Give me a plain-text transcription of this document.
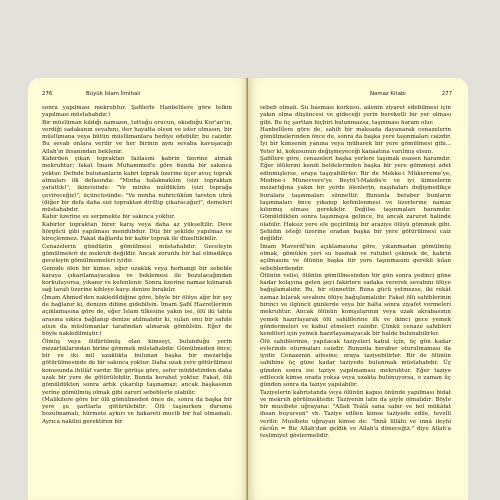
276	Büyük İslam İlmihali

sonra yapılması mekruhtur. Şafilerle Hanbelilere göre telkin yapılması müstahabdır.)

Bir müslüman kıldığı namazın, tuttuğu orucun, okuduğu Kur'an'ın, verdiği sadakanın sevabını, iter hayatta olsun ve ister olmasın, bir müslümana veya bütün müslümanlara hediye edebilir; bu caizdir. Bu sevab onlara verilir ve her birinin aynı sevaba kavuşacağı Allah'ın ihsanından beklenir.

Kabirden çıkan topraktan fazlasını kabrin üzerine atmak mekruhtur; fakat İmam Muhammed'e göre bunda bir sakınca yoktur. Defnde bulunanların kabri toprak üzerine üçer avuç toprak atmaları ilk defasında: "Minha halaknakûm (sizi topraktan yarattık)", ikincisinde: "Ve minha nuîdükûm (sizi toprağa çevireceğiz)", üçüncüsünde: "Ve minha nuhricükûm tareten uhrâ (diğer bir defa daha sizi topraktan diriltip çıkaracağız)", demeleri müstahabdır.

Kabir üzerine su serpmekte bir sakınca yoktur.

Kabirler topraktan birer karış veya daha az yükseltilir. Deve hörgücü gibi yapılması mendubdur. Düz bir şekilde yapılmaz ve kireçlenmez. Fakat dağlarda bir kabir toprak ile düzeltilebilir.

Cenazelerin gündüzün gömülmesi müstahabdır. Geceleyin gömülmeleri de mekruh değildir. Ancak zorunlu bir hal olmadıkça geceleyin gömülmemeleri iyidir.

Gemide ölen bir kimse, eğer uzaklık veya herhangi bir sebeble karaya çıkarılamayacaksa ve beklemesi ile bozulacağından korkuluyorsa, yıkanır ve kefenlenir. Sonra üzerine namaz kılınarak sağ tarafı üzerine kıbleye karşı denize bırakılır.

(İmam Ahmed'den nakledildiğine göre, böyle bir ölüye ağır bir şey de bağlanır ki, denizin dibine gidebilsin. İmam Şafiî Hazretlerinin açıklamasına göre de, eğer İslam ülkesine yakın ise, ölü iki tahta arasına sıkıca bağlanıp denize atılmalıdır ki, sulan onu bir sahile atsın da müslümanlar tarafından alınarak gömülsün. Eğer de böyle nakledilmiştir.)

Ölmüş veya öldürülmüş olan kimseyi, bulunduğu yerin mezarlıklarından birine gömmek müstahabdır. Gömülmeden önce; bir ve iki mil uzaklıkta bulunan başka bir mezarlığa götürülmesinde de bir sakınca yoktur. Daha uzak yere götürülmesi konusunda ihtilâf vardır. Bir görüşe göre, sefer müddetinden daha uzak bir yere de götürülebilir. Bunda kerahet yoktur. Fakat, ölü gömüldükten sonra artık çıkarılıp taşınamaz; ancak başkasının yerine gömülmüş olmak gibi zaruri sebeblerle olabilir.

(Malikilere göre bir ölü gömülmeden önce de, sonra da başka bir yere şu şartlarla götürülebilir: Ölü taşınırken durumu bozulmamalı, hürmete aykırı ve hakareti mucib bir hal olmamalı. Ayrıca nakilni gerektiren bir

Namaz Kitabı	277

sebeb olmalı. Su basması korkusu, ailenin ziyaret edebilmesi için yakın olma düşüncesi ve gideceği yerin bereketli bir yer olması gibi. Bu üç şarttan hiçbiri bulunmazsa, taşınması haram olur.

Hanbelîlere göre de, sahih bir maksada dayanarak cenazelerin gömülmelerinden önce de, sonra da başka yere taşınmaları caizdir. İyi bir kimsenin yanına veya mübarek bir yere gömülmesi gibi... Yeter ki, kokusunun değişmeyeceği kanaatına varılmış olsun.

Şafiîlere göre, cenazeleri başka yerlere taşımak esasen haramdır. Eğer ölülerini kendi beldelerinden başka bir yere gömmeyi adet edinmişlerse, oraya taşıyabilirler. Bir de Mekke-i Mükerreme'ye, Medine-i Münevvere'ye Beytü'l-Makdis'e ve iyi kimselerin mezarlığına yakın bir yerde ölenlerin, naşıhaları değişmedikçe buralara taşınmaları sünnettir. Bununla beraber bunların taşınmaları önce yıkanıp kefenlenmesi ve üzerlerine namaz kılınmış olması gerekiktir. Değilse taşınmaları haramdır. Gömüldükten sonra taşınmaya gelince, bu ancak zaruret halinde olabilir. Haksız yere ele geçirilmiş bir araziye ölüyü gömmek gibi. Şehidin isteği üzerine oradan başka bir yere götürülmesi caiz değildir.

İmam Maverdî'nin açıklamasına göre, yıkanmadan gömülmüş olmak, gömülen yeri su basmak ve rutubet çekmek de, kabrin açılmasını ve ölünün başka bir yere taşınmasını gerekli kılan sebeblerdendir.

Ölünün velisi, ölünün gömülmesinden bir gün sonra yedinci güne kadar kolayına gelen şeyi fakirlere sadaka vererek sevabını ölüye bağışlamalıdır. Bu, bir sünnettir. Buna gücü yetmezse, iki rekât namaz kılarak sevabını ölüye bağışlamalıdır. Fakat ölü sahiblerinin birinci ve ilgüncü günlerde veya bir halta sonra ziyafet vermeleri mekruhtur. Ancak ölünün komşularının veya uzak akrabasının yemek hazırlayarak ölü sahiblerine ilk ve ikinci gece yemek göndermeleri ve kabul etmeleri caizdir. Çünkü cenaze sahibleri kendileri için yemek hazırlayamayacak bir halde bulunabilirler.

Ölü sahiblerinin, yapılacak taziyeleri kabul için, üç gün kadar evlerinde oturmaları caizdir. Bununla beraber oturulmaması da iyidir. Cenazenin ailesine, oraya taziyebilirler. Bir de ölünün sahibine üç güne kadar taziyede bulunmak müstahabdır. Üç günden sonra ise taziye yapılmaması mekruhtur. Eğer taziye edilecek kimse orada yoksa veya uzakta bulunuyorsa, o zaman üç günden sonra da taziye yapılabilir.

Taziyelerin kabristanda veya ölünün kapısı önünde yapılması bidat ve mekruh görülmektedir. Taziyenin lafzı da şöyle olmalıdır: Böyle bir musibete uğrayana: "Allah Teâlâ sana sabır ve bol mükâfat ihsan buyursun" vb. Taziye edilen kimse taziyede edile, tevelli verilir. Musibete uğrayan kimse de: "İnnâ lillâhi ve innâ ileyhi râciûn = Biz Allah'dan geldik ve Allah'a döneceğiz." diye Allah'a teslimiyet göstermelidir.
